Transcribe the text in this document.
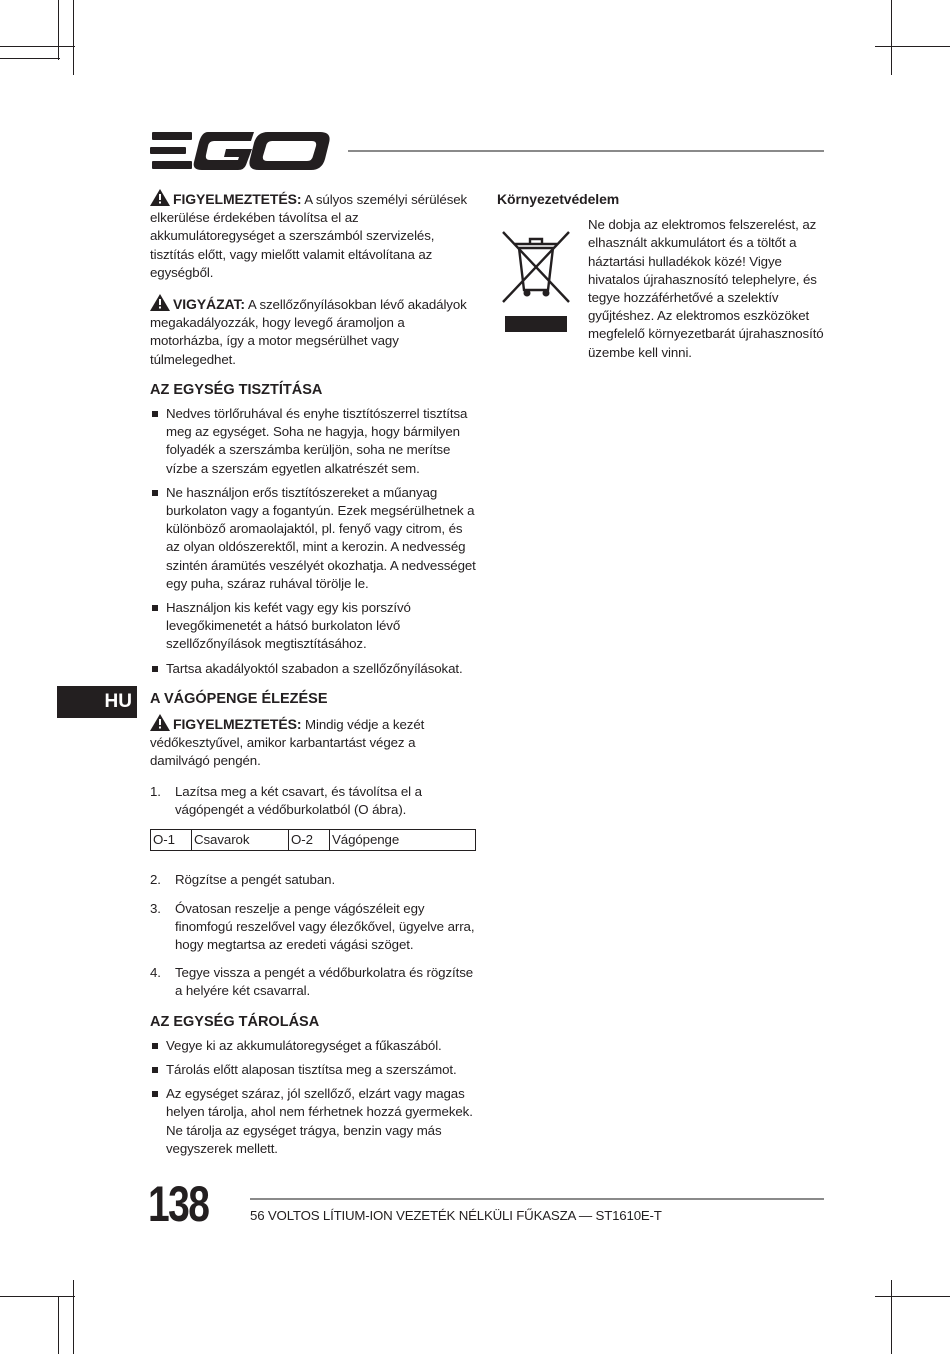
FIGYELMEZTETÉS: A súlyos személyi sérülések elkerülése érdekében távolítsa el az akkumulátoregységet a szerszámból szervizelés, tisztítás előtt, vagy mielőtt valamit eltávolítana az egységből.

VIGYÁZAT: A szellőzőnyílásokban lévő akadályok megakadályozzák, hogy levegő áramoljon a motorházba, így a motor megsérülhet vagy túlmelegedhet.

AZ EGYSÉG TISZTÍTÁSA
Nedves törlőruhával és enyhe tisztítószerrel tisztítsa meg az egységet. Soha ne hagyja, hogy bármilyen folyadék a szerszámba kerüljön, soha ne merítse vízbe a szerszám egyetlen alkatrészét sem.
Ne használjon erős tisztítószereket a műanyag burkolaton vagy a fogantyún. Ezek megsérülhetnek a különböző aromaolajaktól, pl. fenyő vagy citrom, és az olyan oldószerektől, mint a kerozin. A nedvesség szintén áramütés veszélyét okozhatja. A nedvességet egy puha, száraz ruhával törölje le.
Használjon kis kefét vagy egy kis porszívó levegőkimenetét a hátsó burkolaton lévő szellőzőnyílások megtisztításához.
Tartsa akadályoktól szabadon a szellőzőnyílásokat.
A VÁGÓPENGE ÉLEZÉSE

FIGYELMEZTETÉS: Mindig védje a kezét védőkesztyűvel, amikor karbantartást végez a damilvágó pengén.

1. Lazítsa meg a két csavart, és távolítsa el a vágópengét a védőburkolatból (O ábra).
O-1	Csavarok	O-2	Vágópenge
2. Rögzítse a pengét satuban.
3. Óvatosan reszelje a penge vágószéleit egy finomfogú reszelővel vagy élezőkővel, ügyelve arra, hogy megtartsa az eredeti vágási szöget.
4. Tegye vissza a pengét a védőburkolatra és rögzítse a helyére két csavarral.
AZ EGYSÉG TÁROLÁSA
Vegye ki az akkumulátoregységet a fűkaszából.
Tárolás előtt alaposan tisztítsa meg a szerszámot.
Az egységet száraz, jól szellőző, elzárt vagy magas helyen tárolja, ahol nem férhetnek hozzá gyermekek. Ne tárolja az egységet trágya, benzin vagy más vegyszerek mellett.
HU
Környezetvédelem
Ne dobja az elektromos felszerelést, az elhasznált akkumulátort és a töltőt a háztartási hulladékok közé! Vigye hivatalos újrahasznosító telephelyre, és tegye hozzáférhetővé a szelektív gyűjtéshez. Az elektromos eszközöket megfelelő környezetbarát újrahasznosító üzembe kell vinni.
138	56 VOLTOS LÍTIUM-ION VEZETÉK NÉLKÜLI FŰKASZA — ST1610E-T
